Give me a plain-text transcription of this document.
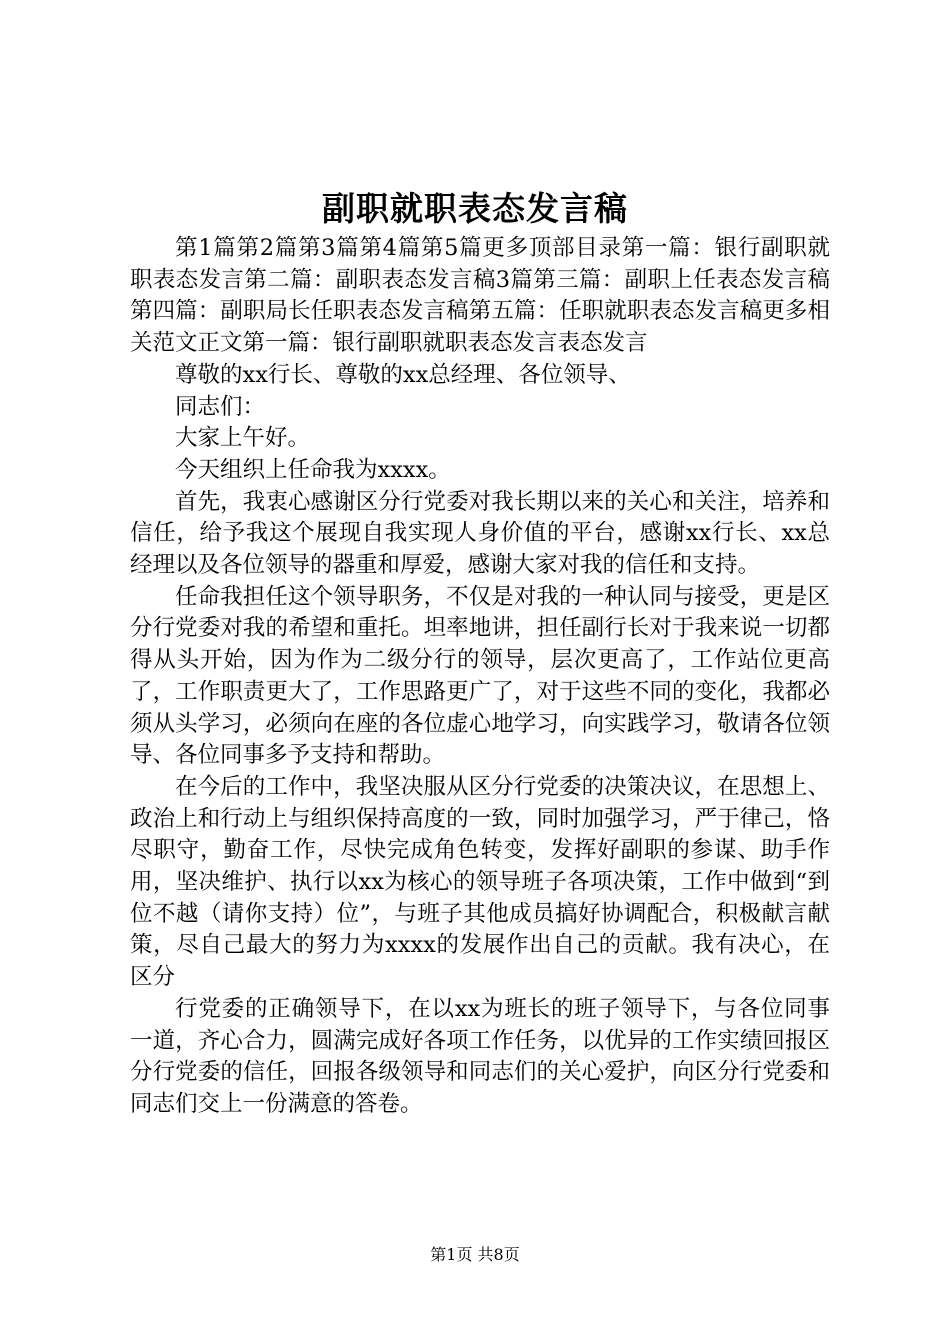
副职就职表态发言稿

第1篇第2篇第3篇第4篇第5篇更多顶部目录第一篇：银行副职就职表态发言第二篇：副职表态发言稿3篇第三篇：副职上任表态发言稿第四篇：副职局长任职表态发言稿第五篇：任职就职表态发言稿更多相关范文正文第一篇：银行副职就职表态发言表态发言

尊敬的xx行长、尊敬的xx总经理、各位领导、

同志们：

大家上午好。

今天组织上任命我为xxxx。

首先，我衷心感谢区分行党委对我长期以来的关心和关注，培养和信任，给予我这个展现自我实现人身价值的平台，感谢xx行长、xx总经理以及各位领导的器重和厚爱，感谢大家对我的信任和支持。

任命我担任这个领导职务，不仅是对我的一种认同与接受，更是区分行党委对我的希望和重托。坦率地讲，担任副行长对于我来说一切都得从头开始，因为作为二级分行的领导，层次更高了，工作站位更高了，工作职责更大了，工作思路更广了，对于这些不同的变化，我都必须从头学习，必须向在座的各位虚心地学习，向实践学习，敬请各位领导、各位同事多予支持和帮助。

在今后的工作中，我坚决服从区分行党委的决策决议，在思想上、政治上和行动上与组织保持高度的一致，同时加强学习，严于律己，恪尽职守，勤奋工作，尽快完成角色转变，发挥好副职的参谋、助手作用，坚决维护、执行以xx为核心的领导班子各项决策，工作中做到“到位不越（请你支持）位”，与班子其他成员搞好协调配合，积极献言献策，尽自己最大的努力为xxxx的发展作出自己的贡献。我有决心，在区分

行党委的正确领导下，在以xx为班长的班子领导下，与各位同事一道，齐心合力，圆满完成好各项工作任务，以优异的工作实绩回报区分行党委的信任，回报各级领导和同志们的关心爱护，向区分行党委和同志们交上一份满意的答卷。

第1页 共8页
